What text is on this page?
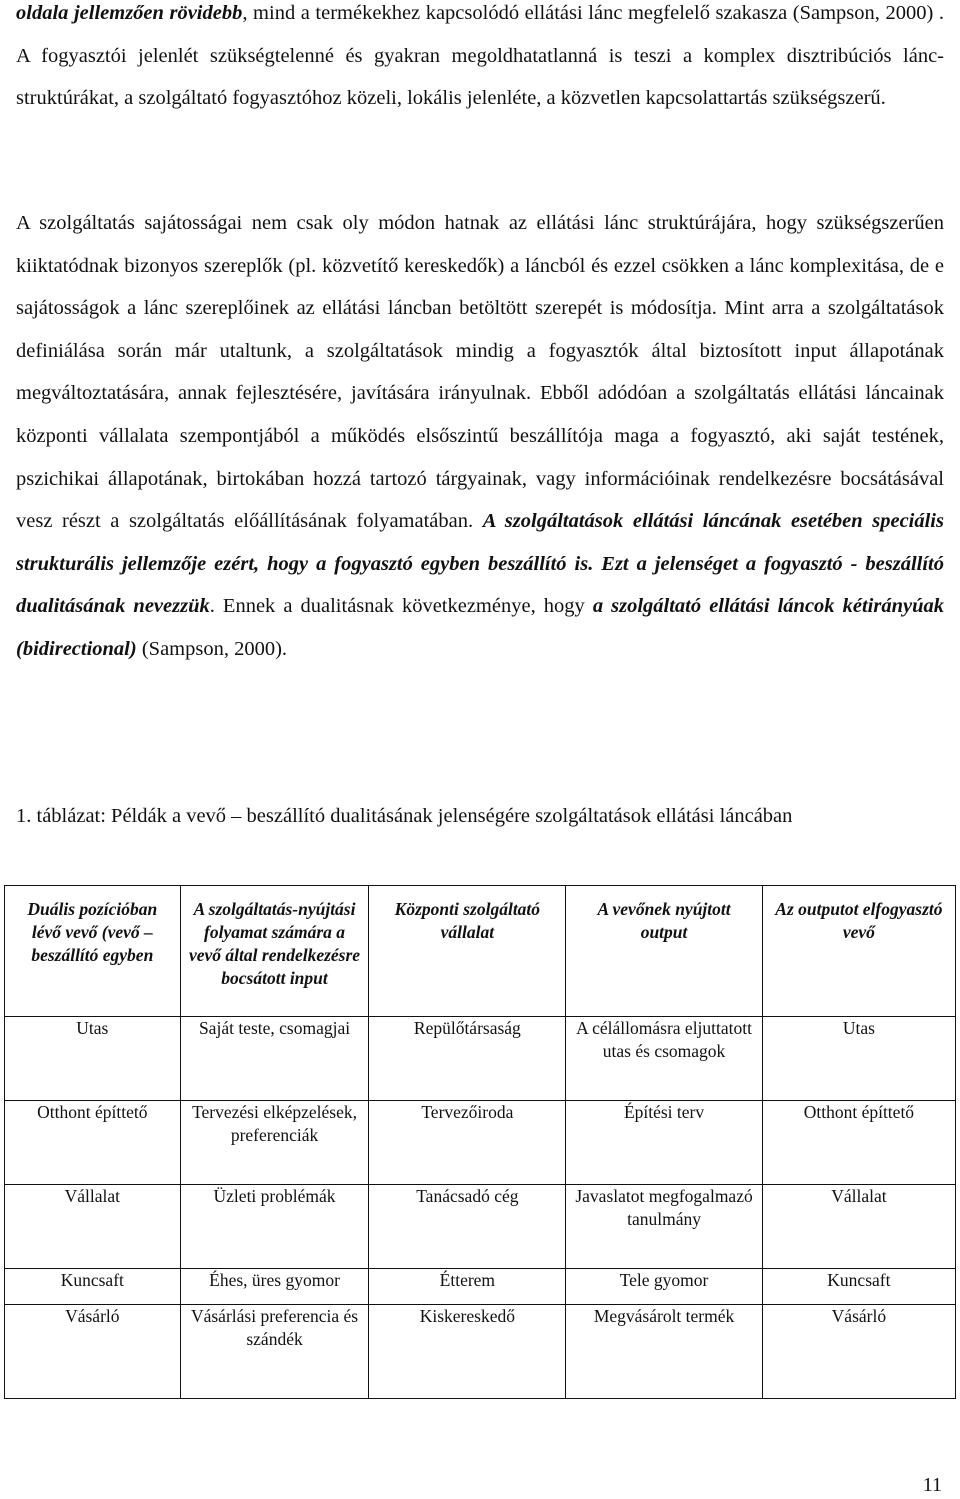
oldala jellemzően rövidebb, mind a termékekhez kapcsolódó ellátási lánc megfelelő szakasza (Sampson, 2000) . A fogyasztói jelenlét szükségtelenné és gyakran megoldhatatlanná is teszi a komplex disztribúciós lánc-struktúrákat, a szolgáltató fogyasztóhoz közeli, lokális jelenléte, a közvetlen kapcsolattartás szükségszerű.

A szolgáltatás sajátosságai nem csak oly módon hatnak az ellátási lánc struktúrájára, hogy szükségszerűen kiiktatódnak bizonyos szereplők (pl. közvetítő kereskedők) a láncból és ezzel csökken a lánc komplexitása, de e sajátosságok a lánc szereplőinek az ellátási láncban betöltött szerepét is módosítja. Mint arra a szolgáltatások definiálása során már utaltunk, a szolgáltatások mindig a fogyasztók által biztosított input állapotának megváltoztatására, annak fejlesztésére, javítására irányulnak. Ebből adódóan a szolgáltatás ellátási láncainak központi vállalata szempontjából a működés elsőszintű beszállítója maga a fogyasztó, aki saját testének, pszichikai állapotának, birtokában hozzá tartozó tárgyainak, vagy információinak rendelkezésre bocsátásával vesz részt a szolgáltatás előállításának folyamatában. A szolgáltatások ellátási láncának esetében speciális strukturális jellemzője ezért, hogy a fogyasztó egyben beszállító is. Ezt a jelenséget a fogyasztó - beszállító dualitásának nevezzük. Ennek a dualitásnak következménye, hogy a szolgáltató ellátási láncok kétirányúak (bidirectional) (Sampson, 2000).

1. táblázat: Példák a vevő – beszállító dualitásának jelenségére szolgáltatások ellátási láncában

Duális pozícióban lévő vevő (vevő – beszállító egyben	A szolgáltatás-nyújtási folyamat számára a vevő által rendelkezésre bocsátott input	Központi szolgáltató vállalat	A vevőnek nyújtott output	Az outputot elfogyasztó vevő
Utas	Saját teste, csomagjai	Repülőtársaság	A célállomásra eljuttatott utas és csomagok	Utas
Otthont építtető	Tervezési elképzelések, preferenciák	Tervezőiroda	Építési terv	Otthont építtető
Vállalat	Üzleti problémák	Tanácsadó cég	Javaslatot megfogalmazó tanulmány	Vállalat
Kuncsaft	Éhes, üres gyomor	Étterem	Tele gyomor	Kuncsaft
Vásárló	Vásárlási preferencia és szándék	Kiskereskedő	Megvásárolt termék	Vásárló
11
